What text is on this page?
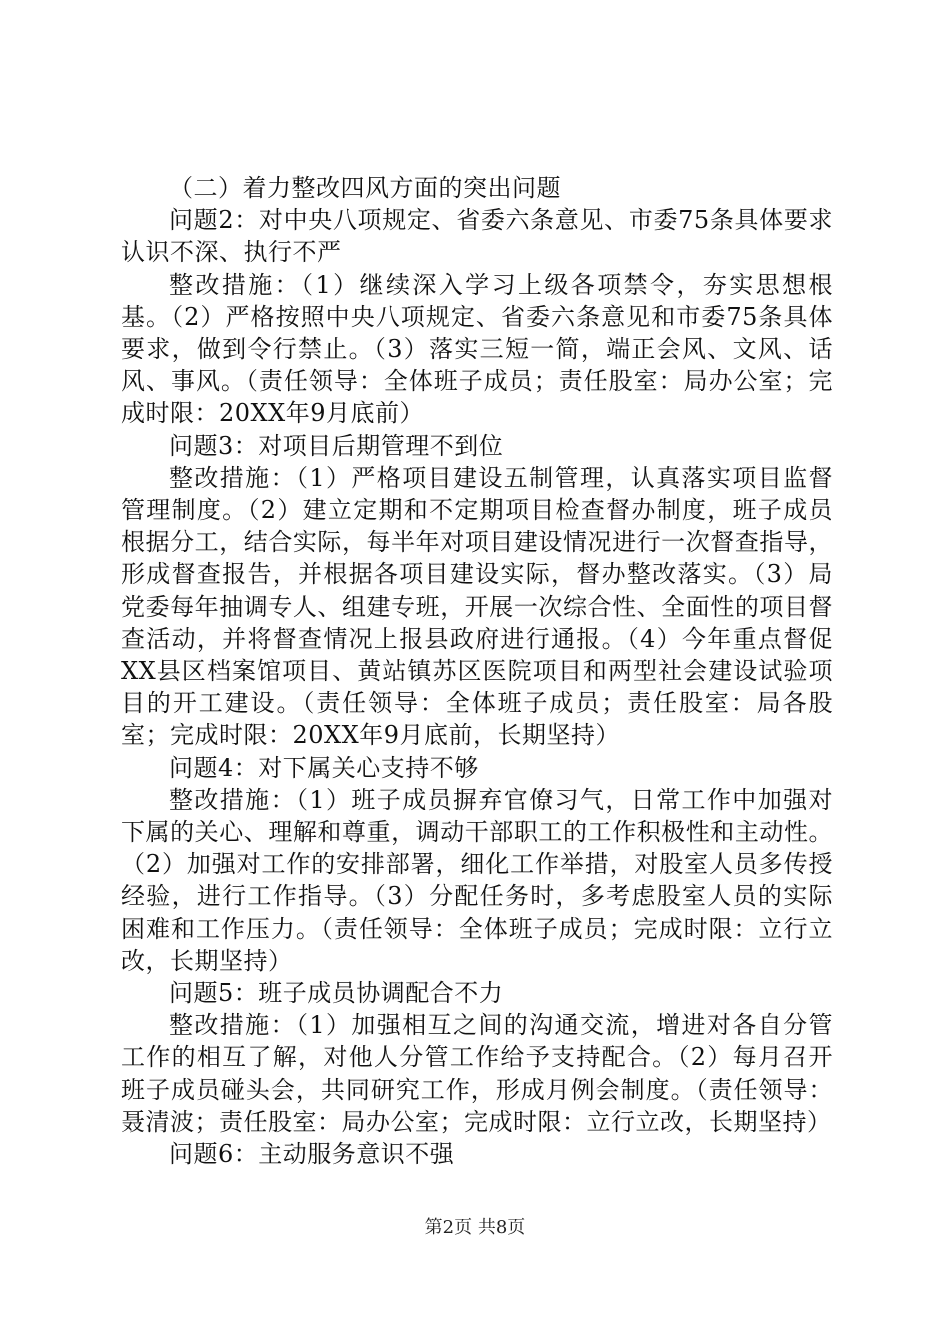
（二）着力整改四风方面的突出问题

问题2：对中央八项规定、省委六条意见、市委75条具体要求认识不深、执行不严

整改措施：（1）继续深入学习上级各项禁令，夯实思想根基。（2）严格按照中央八项规定、省委六条意见和市委75条具体要求，做到令行禁止。（3）落实三短一简，端正会风、文风、话风、事风。（责任领导：全体班子成员；责任股室：局办公室；完成时限：20XX年9月底前）

问题3：对项目后期管理不到位

整改措施：（1）严格项目建设五制管理，认真落实项目监督管理制度。（2）建立定期和不定期项目检查督办制度，班子成员根据分工，结合实际，每半年对项目建设情况进行一次督查指导，形成督查报告，并根据各项目建设实际，督办整改落实。（3）局党委每年抽调专人、组建专班，开展一次综合性、全面性的项目督查活动，并将督查情况上报县政府进行通报。（4）今年重点督促XX县区档案馆项目、黄站镇苏区医院项目和两型社会建设试验项目的开工建设。（责任领导：全体班子成员；责任股室：局各股室；完成时限：20XX年9月底前，长期坚持）

问题4：对下属关心支持不够

整改措施：（1）班子成员摒弃官僚习气，日常工作中加强对下属的关心、理解和尊重，调动干部职工的工作积极性和主动性。（2）加强对工作的安排部署，细化工作举措，对股室人员多传授经验，进行工作指导。（3）分配任务时，多考虑股室人员的实际困难和工作压力。（责任领导：全体班子成员；完成时限：立行立改，长期坚持）

问题5：班子成员协调配合不力

整改措施：（1）加强相互之间的沟通交流，增进对各自分管工作的相互了解，对他人分管工作给予支持配合。（2）每月召开班子成员碰头会，共同研究工作，形成月例会制度。（责任领导：聂清波；责任股室：局办公室；完成时限：立行立改，长期坚持）

问题6：主动服务意识不强

第2页 共8页
